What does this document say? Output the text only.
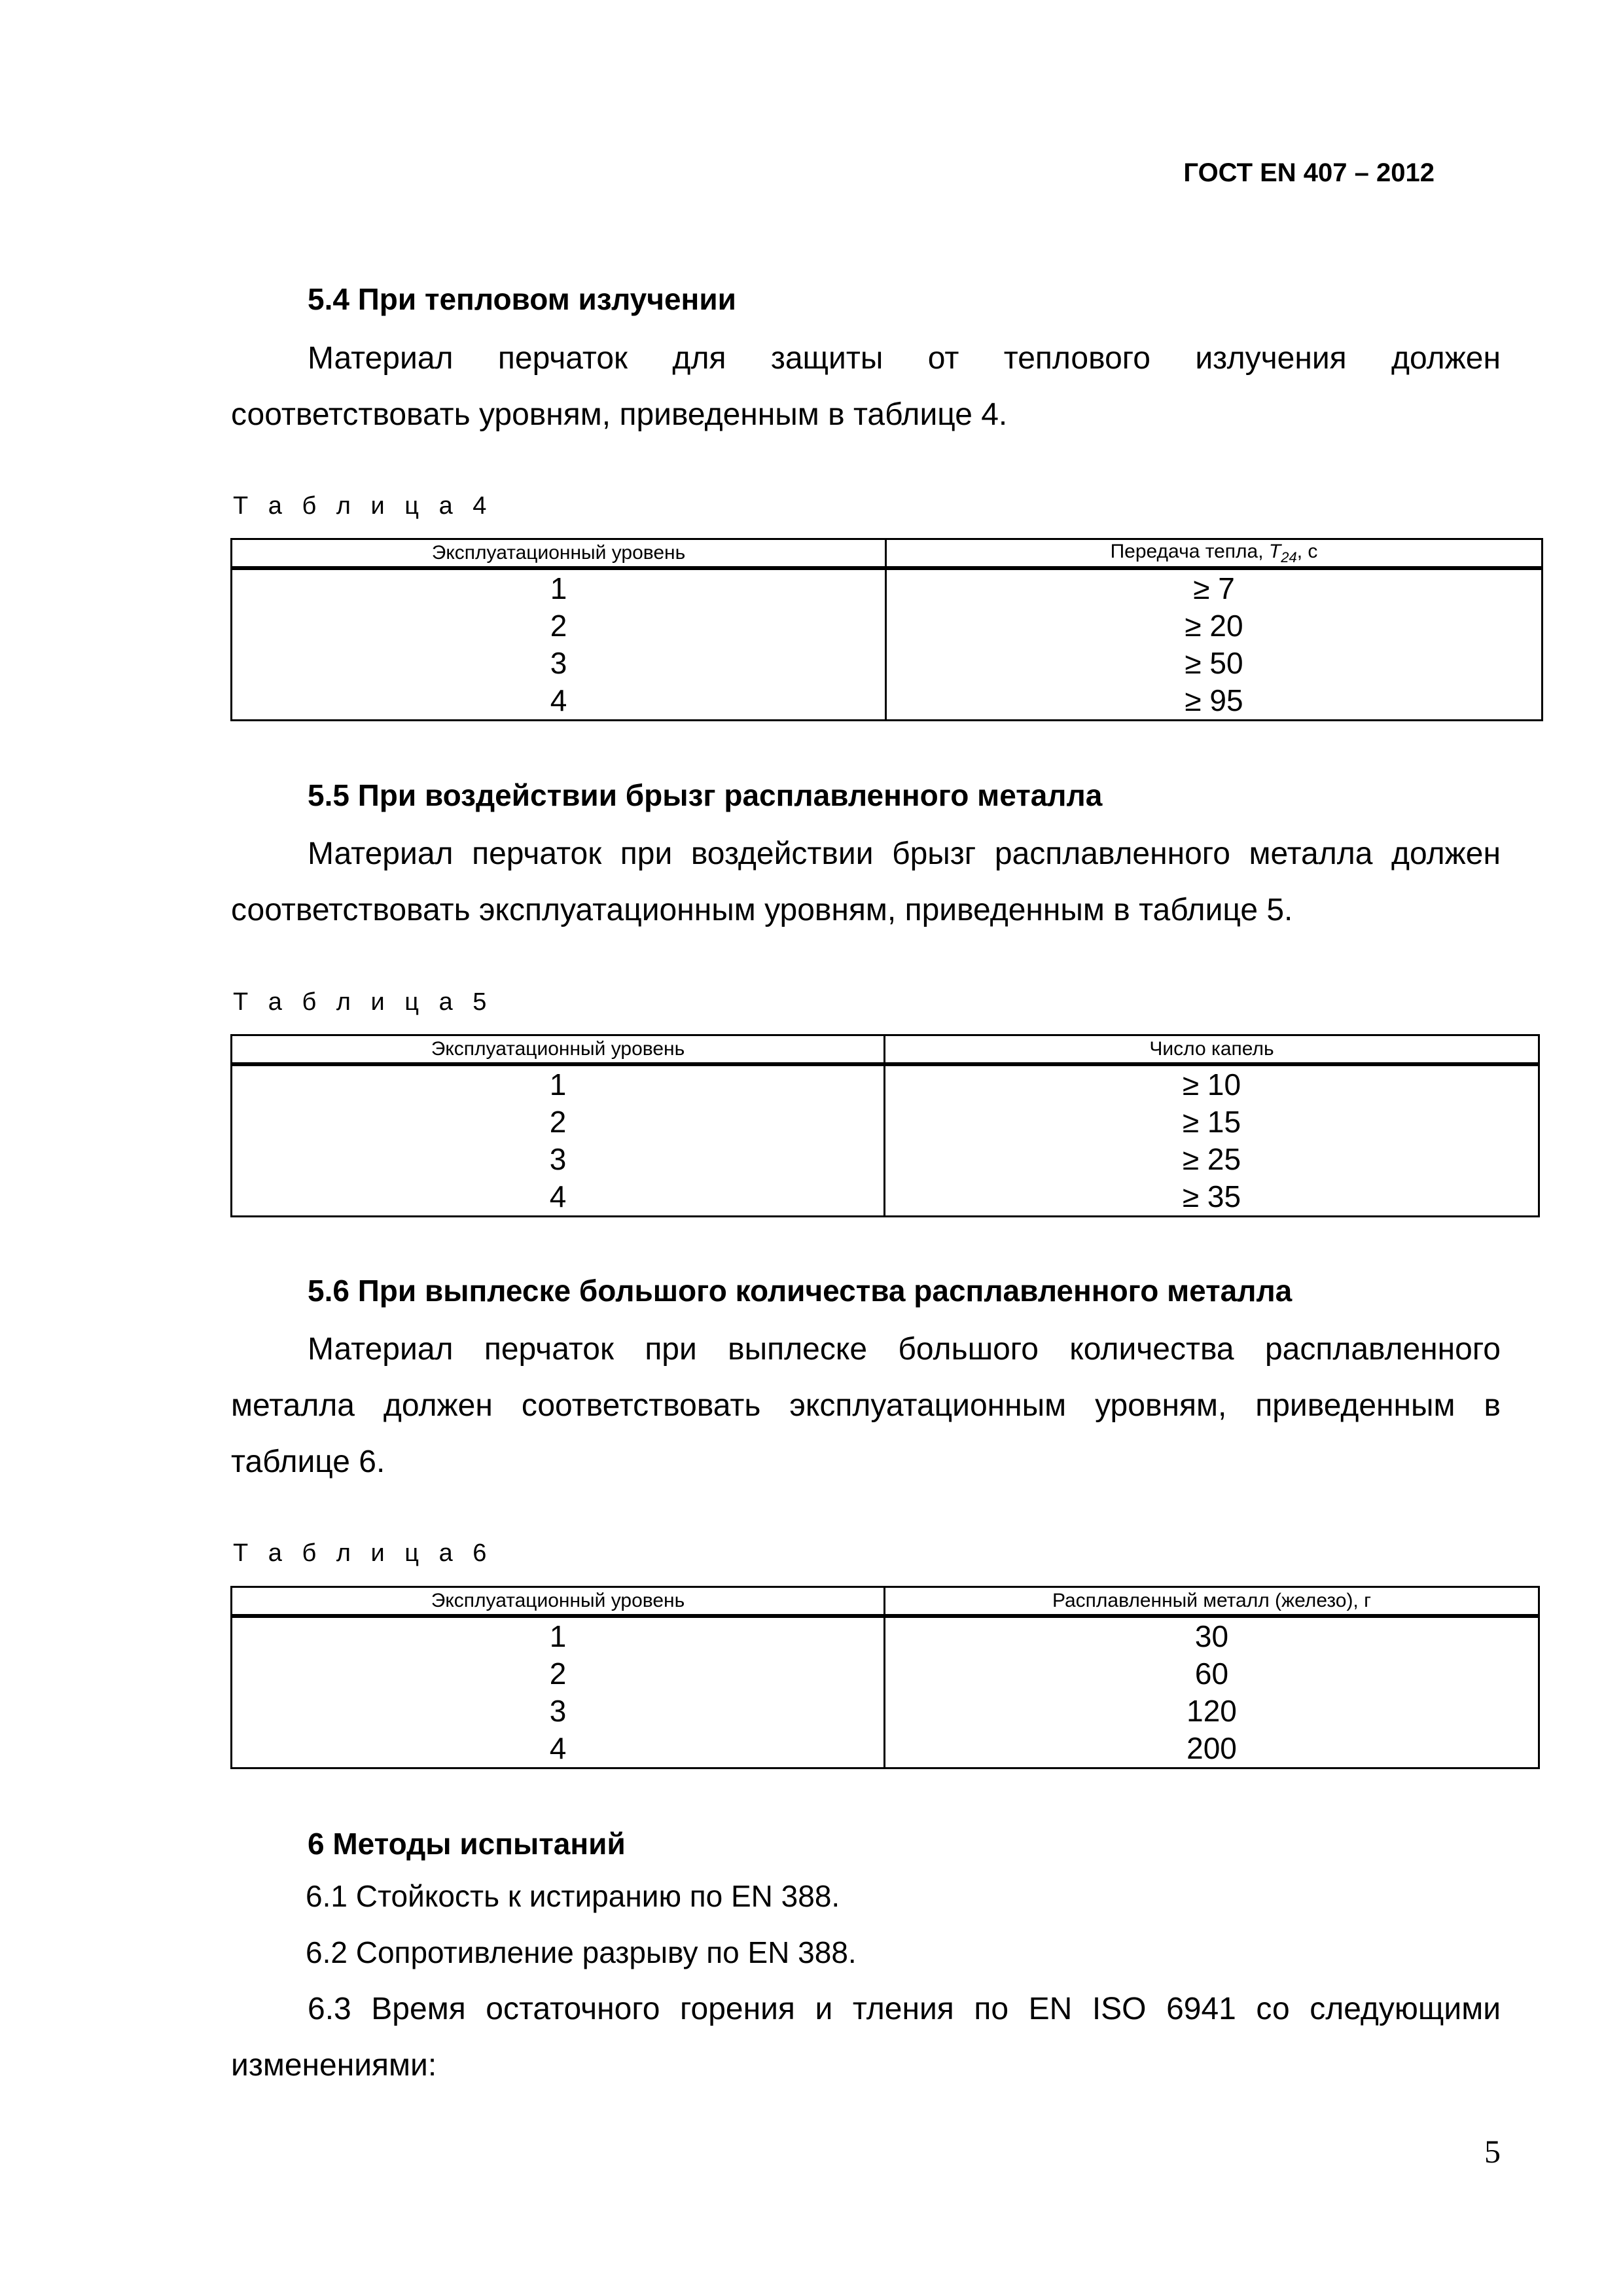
ГОСТ EN 407 – 2012
5.4 При тепловом излучении

Материал перчаток для защиты от теплового излучения должен

соответствовать уровням, приведенным в таблице 4.

Т а б л и ц а 4
Эксплуатационный уровень	Передача тепла, $T_{24}$, с
1	≥ 7
2	≥ 20
3	≥ 50
4	≥ 95
5.5 При воздействии брызг расплавленного металла

Материал перчаток при воздействии брызг расплавленного металла должен

соответствовать эксплуатационным уровням, приведенным в таблице 5.

Т а б л и ц а 5
Эксплуатационный уровень	Число капель
1	≥ 10
2	≥ 15
3	≥ 25
4	≥ 35
5.6 При выплеске большого количества расплавленного металла

Материал перчаток при выплеске большого количества расплавленного

металла должен соответствовать эксплуатационным уровням, приведенным в

таблице 6.

Т а б л и ц а 6
Эксплуатационный уровень	Расплавленный металл (железо), г
1	30
2	60
3	120
4	200
6 Методы испытаний
6.1 Стойкость к истиранию по EN 388.
6.2 Сопротивление разрыву по EN 388.

6.3 Время остаточного горения и тления по EN ISO 6941 со следующими

изменениями:

5
